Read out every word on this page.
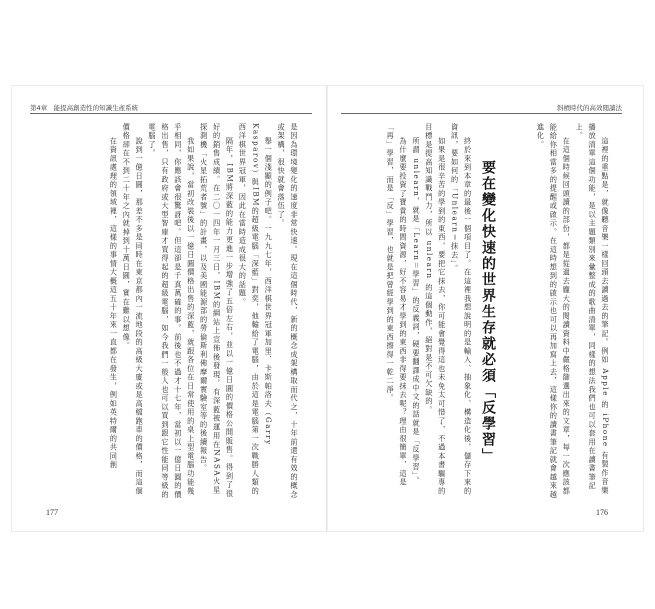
第4章　能提高創造性的知識生產系統	斜槓時代的高效閱讀法

這裡的重點是，就像聽音樂一樣回頭去讀過去的筆記。例如 Apple 的 iPhone 有製作音樂播放清單這個功能，是以主題類別來彙整成的歌曲清單，同樣的想法我們也可以套用在讀書筆記上。

在這個時候回頭讀的部份，都是從過去龐大的閱讀資料中嚴格篩選出來的文章，每一次應該都能給你相當多的提醒或啟示。在這時想到的啟示也可以再加寫上去，這樣你的讀書筆記就會越來越進化。

終於來到本章的最後一個項目了。在這裡我想說明的是輸入、抽象化、構造化後，儲存下來的資訊，要如何的「Unlearn＝抹去」。

如果是很辛苦的學到的東西，要把它抹去，你可能會覺得這也未免太可惜了，不過本書驅專的目標是提高知識戰鬥力，所以 unlearn 的這個動作，絕對是不可欠缺的。

所謂 unlearn，就是「Learn＝學習」的反義詞，硬要翻譯成中文的話就是「反學習」。

為什麼要投資了寶貴的時間資源，好不容易才學到的東西非得要抹去呢？理由很簡單，這是「再」學習，而是「反」學習，也就是把曾經學到的東西擦得一乾二淨。	要在變化快速的世界生存就必須「反學習」

是因為環境變化的速度非常快速。現在這個時代，新的概念成架構取而代之，十年前還有效的概念或架構，很快就會落伍了。

舉一個淺顯的例子吧。一九九七年，西洋棋世界冠軍加里．卡斯帕洛夫（Garry Kasparov）與IBM的超級電腦「深藍」對奕，他輸給了電腦，由於這是電腦第一次戰勝人類的西洋棋世界冠軍，因此在當時造成很大的話題。

隔年，IBM將深藍的能力更進一步增強了五倍左右，並以一億日圓的價格公開販售。得到了很好的銷售成績。在二〇一四年一月三日，IBM的網站上宣佈後發現，有深藍被運用在NASA火星探測機「火星拓荒者號」的計畫，以及美國能源部的勞倫斯利佛摩爾實驗室等的後續報告。

我如果說，當初改裝後以一億日圓價格出售的深藍，就跟各位在日常使用的桌上型電腦功能幾乎相同，你應該會很驚訝吧。但這卻是千真萬確的事。前後也不過才十七年，當初以一億日圓的價格出售，只有政府或大型智庫才買得起的超級電腦，如今我們一般人也可以買到跟它性能同等級的電腦了。

說到一億日圓，那差不多是同時在東京都內一流地段的高級大廈或是高檔跑車的價格，而這個價格卻在不到二十年之內就掉到十萬日圓，實在難以想像。

在資訊處理的領域裡，這樣的事情大概這五十年來一直都在發生，例如英特爾的共同創

177	176
